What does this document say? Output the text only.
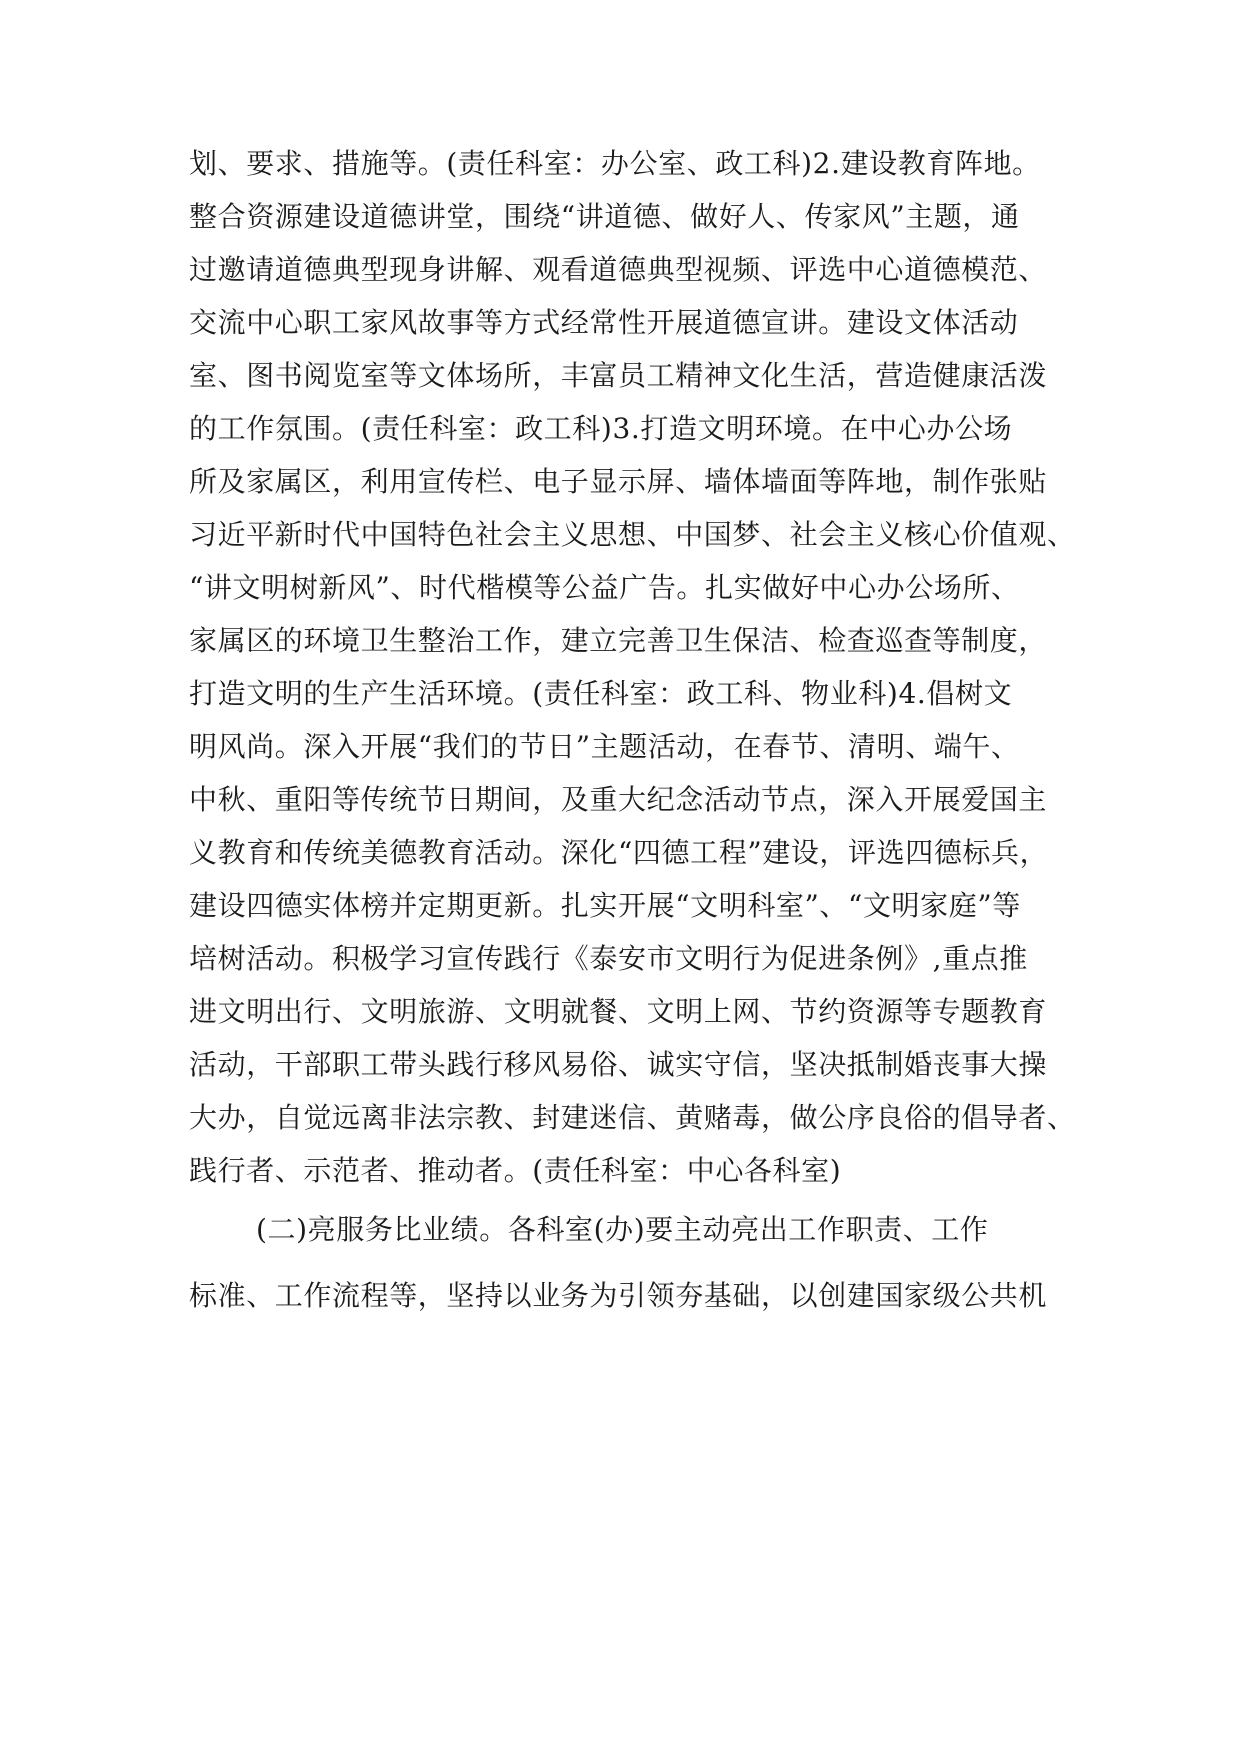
划、要求、措施等。(责任科室：办公室、政工科)2.建设教育阵地。
整合资源建设道德讲堂，围绕“讲道德、做好人、传家风”主题，通
过邀请道德典型现身讲解、观看道德典型视频、评选中心道德模范、
交流中心职工家风故事等方式经常性开展道德宣讲。建设文体活动
室、图书阅览室等文体场所，丰富员工精神文化生活，营造健康活泼
的工作氛围。(责任科室：政工科)3.打造文明环境。在中心办公场
所及家属区，利用宣传栏、电子显示屏、墙体墙面等阵地，制作张贴
习近平新时代中国特色社会主义思想、中国梦、社会主义核心价值观、
“讲文明树新风”、时代楷模等公益广告。扎实做好中心办公场所、
家属区的环境卫生整治工作，建立完善卫生保洁、检查巡查等制度，
打造文明的生产生活环境。(责任科室：政工科、物业科)4.倡树文
明风尚。深入开展“我们的节日”主题活动，在春节、清明、端午、
中秋、重阳等传统节日期间，及重大纪念活动节点，深入开展爱国主
义教育和传统美德教育活动。深化“四德工程”建设，评选四德标兵，
建设四德实体榜并定期更新。扎实开展“文明科室”、“文明家庭”等
培树活动。积极学习宣传践行《泰安市文明行为促进条例》,重点推
进文明出行、文明旅游、文明就餐、文明上网、节约资源等专题教育
活动，干部职工带头践行移风易俗、诚实守信，坚决抵制婚丧事大操
大办，自觉远离非法宗教、封建迷信、黄赌毒，做公序良俗的倡导者、
践行者、示范者、推动者。(责任科室：中心各科室)
(二)亮服务比业绩。各科室(办)要主动亮出工作职责、工作
标准、工作流程等，坚持以业务为引领夯基础，以创建国家级公共机
